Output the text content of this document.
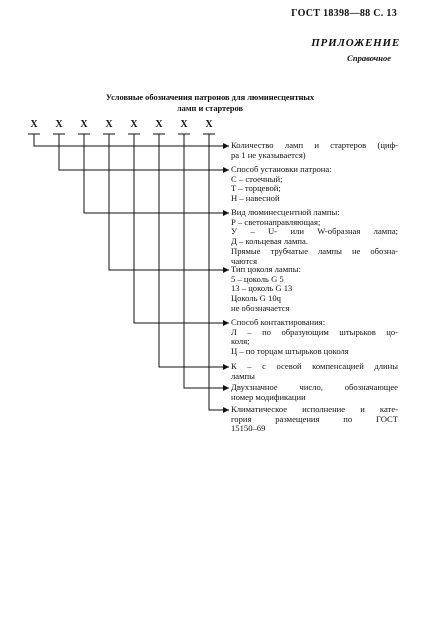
ГОСТ 18398—88 С. 13
ПРИЛОЖЕНИЕ
Справочное
Условные обозначения патронов для люминесцентных
ламп и стартеров
Х	Х	Х	Х	Х	Х	Х	Х
Количество ламп и стартеров (циф-
ра 1 не указывается)
Способ установки патрона:
С – стоечный;
Т – торцевой;
Н – навесной
Вид люминесцентной лампы:
Р – светонаправляющая;
У – U- или W-образная лампа;
Д – кольцевая лампа.
Прямые трубчатые лампы не обозна-
чаются
Тип цоколя лампы:
5 – цоколь G 5
13 – цоколь G 13
Цоколь G 10q
не обозначается
Способ контактирования:
Л – по образующим штырьков цо-
коля;
Ц – по торцам штырьков цоколя
К – с осевой компенсацией длины
лампы
Двухзначное число, обозначающее
номер модификации
Климатическое исполнение и кате-
гория размещения по ГОСТ
15150–69
